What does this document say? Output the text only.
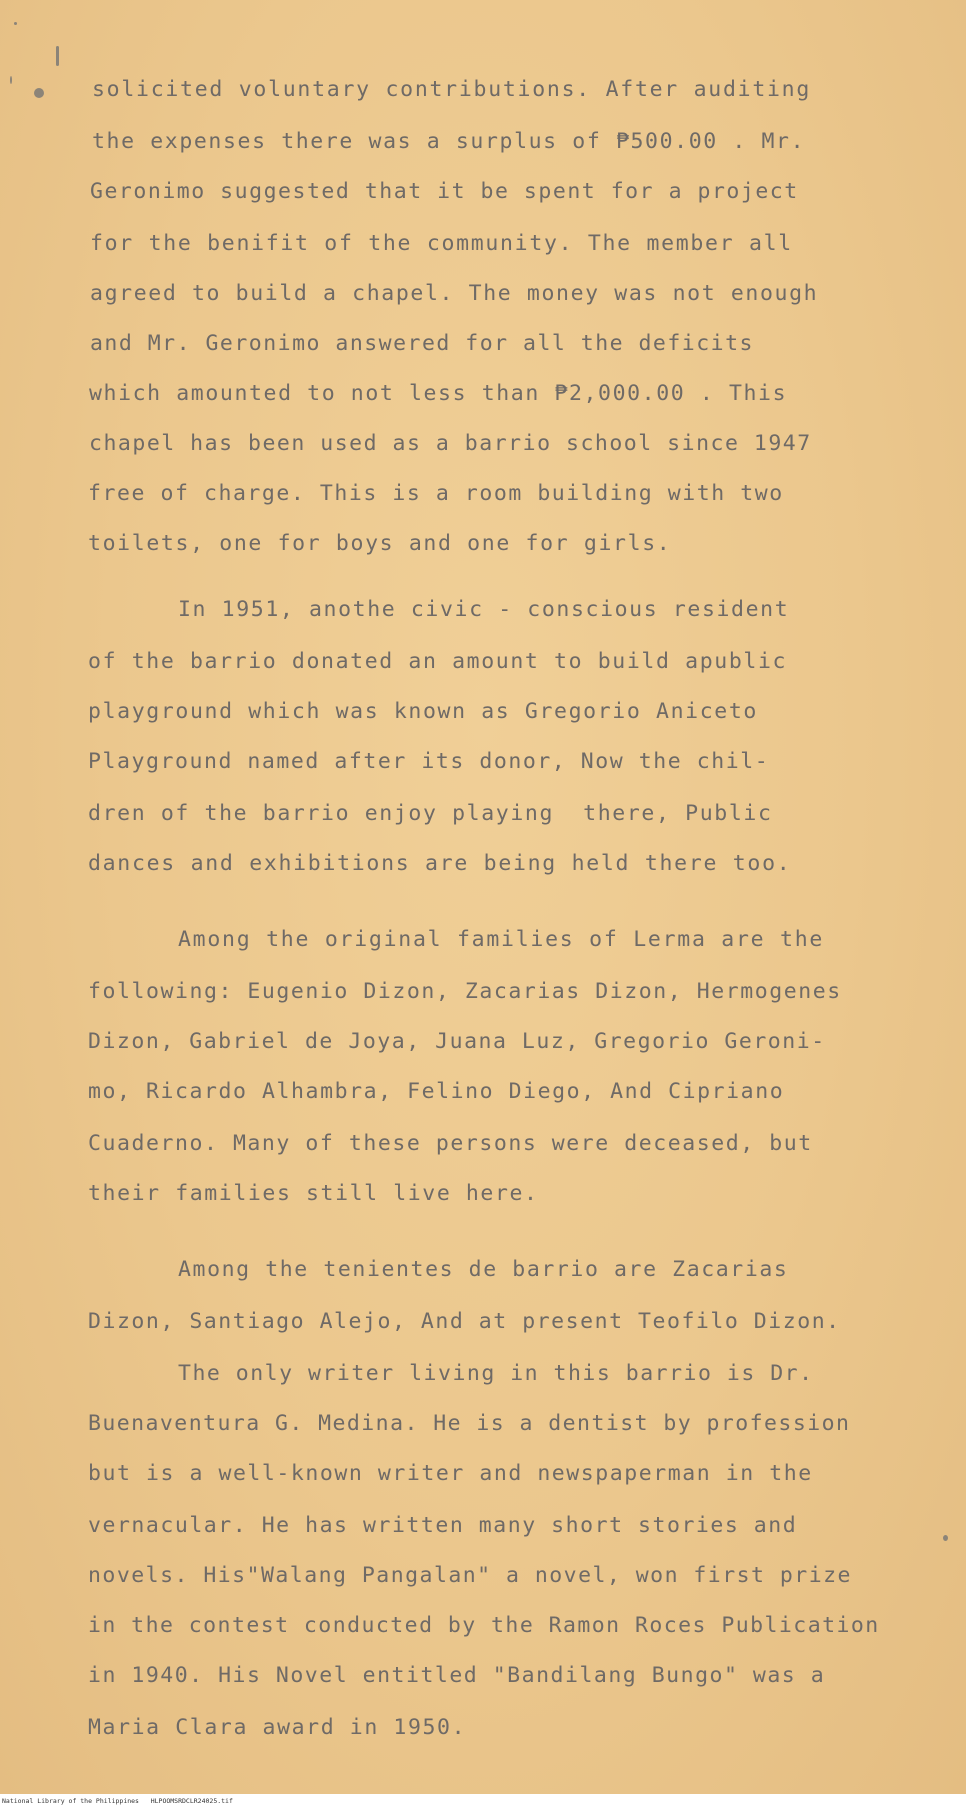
solicited voluntary contributions. After auditing
the expenses there was a surplus of ₱500.00 . Mr.
Geronimo suggested that it be spent for a project
for the benifit of the community. The member all
agreed to build a chapel. The money was not enough
and Mr. Geronimo answered for all the deficits
which amounted to not less than ₱2,000.00 . This
chapel has been used as a barrio school since 1947
free of charge. This is a room building with two
toilets, one for boys and one for girls.
In 1951, anothe civic - conscious resident
of the barrio donated an amount to build apublic
playground which was known as Gregorio Aniceto
Playground named after its donor, Now the chil-
dren of the barrio enjoy playing  there, Public
dances and exhibitions are being held there too.
Among the original families of Lerma are the
following: Eugenio Dizon, Zacarias Dizon, Hermogenes
Dizon, Gabriel de Joya, Juana Luz, Gregorio Geroni-
mo, Ricardo Alhambra, Felino Diego, And Cipriano
Cuaderno. Many of these persons were deceased, but
their families still live here.
Among the tenientes de barrio are Zacarias
Dizon, Santiago Alejo, And at present Teofilo Dizon.
The only writer living in this barrio is Dr.
Buenaventura G. Medina. He is a dentist by profession
but is a well-known writer and newspaperman in the
vernacular. He has written many short stories and
novels. His"Walang Pangalan" a novel, won first prize
in the contest conducted by the Ramon Roces Publication
in 1940. His Novel entitled "Bandilang Bungo" was a
Maria Clara award in 1950.
National Library of the Philippines   HLPOOMSRDCLR24025.tif
